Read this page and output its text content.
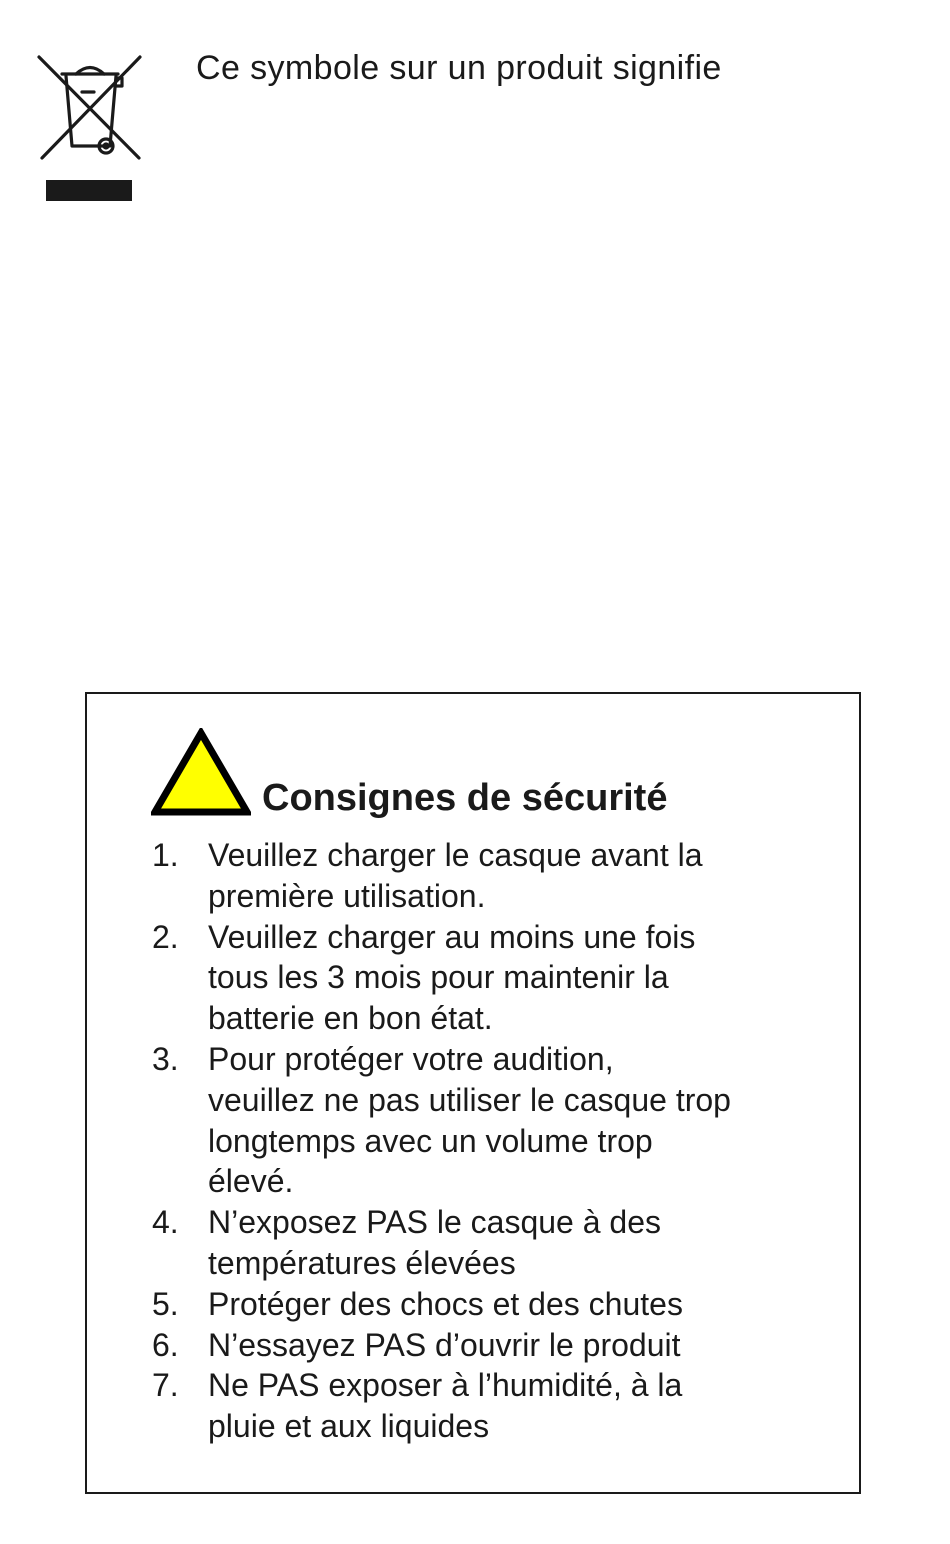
Ce symbole sur un produit signifie
Consignes de sécurité
1. Veuillez charger le casque avant la
première utilisation.
2. Veuillez charger au moins une fois
tous les 3 mois pour maintenir la
batterie en bon état.
3. Pour protéger votre audition,
veuillez ne pas utiliser le casque trop
longtemps avec un volume trop
élevé.
4. N’exposez PAS le casque à des
températures élevées
5. Protéger des chocs et des chutes
6. N’essayez PAS d’ouvrir le produit
7. Ne PAS exposer à l’humidité, à la
pluie et aux liquides
